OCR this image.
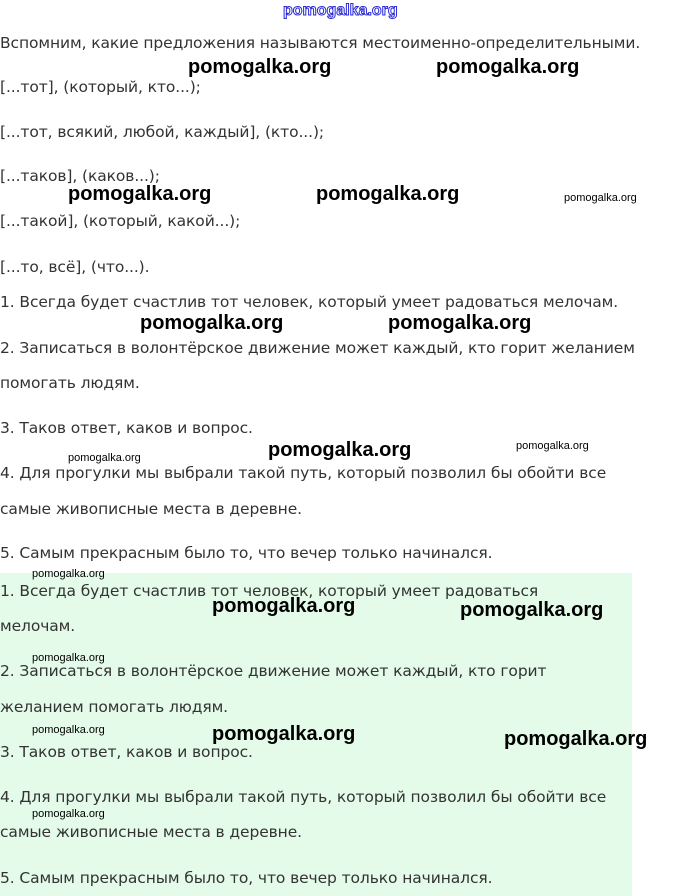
pomogalka.org
Вспомним, какие предложения называются местоименно-определительными.
[...тот], (который, кто...);
[...тот, всякий, любой, каждый], (кто...);
[...таков], (каков...);
[...такой], (который, какой...);
[...то, всё], (что...).
1. Всегда будет счастлив тот человек, который умеет радоваться мелочам.
2. Записаться в волонтёрское движение может каждый, кто горит желанием
помогать людям.
3. Таков ответ, каков и вопрос.
4. Для прогулки мы выбрали такой путь, который позволил бы обойти все
самые живописные места в деревне.
5. Самым прекрасным было то, что вечер только начинался.
1. Всегда будет счастлив тот человек, который умеет радоваться
мелочам.
2. Записаться в волонтёрское движение может каждый, кто горит
желанием помогать людям.
3. Таков ответ, каков и вопрос.
4. Для прогулки мы выбрали такой путь, который позволил бы обойти все
самые живописные места в деревне.
5. Самым прекрасным было то, что вечер только начинался.
pomogalka.org	pomogalka.org
pomogalka.org	pomogalka.org	pomogalka.org
pomogalka.org	pomogalka.org
pomogalka.org	pomogalka.org
pomogalka.org
pomogalka.org
pomogalka.org	pomogalka.org
pomogalka.org
pomogalka.org	pomogalka.org	pomogalka.org
pomogalka.org
